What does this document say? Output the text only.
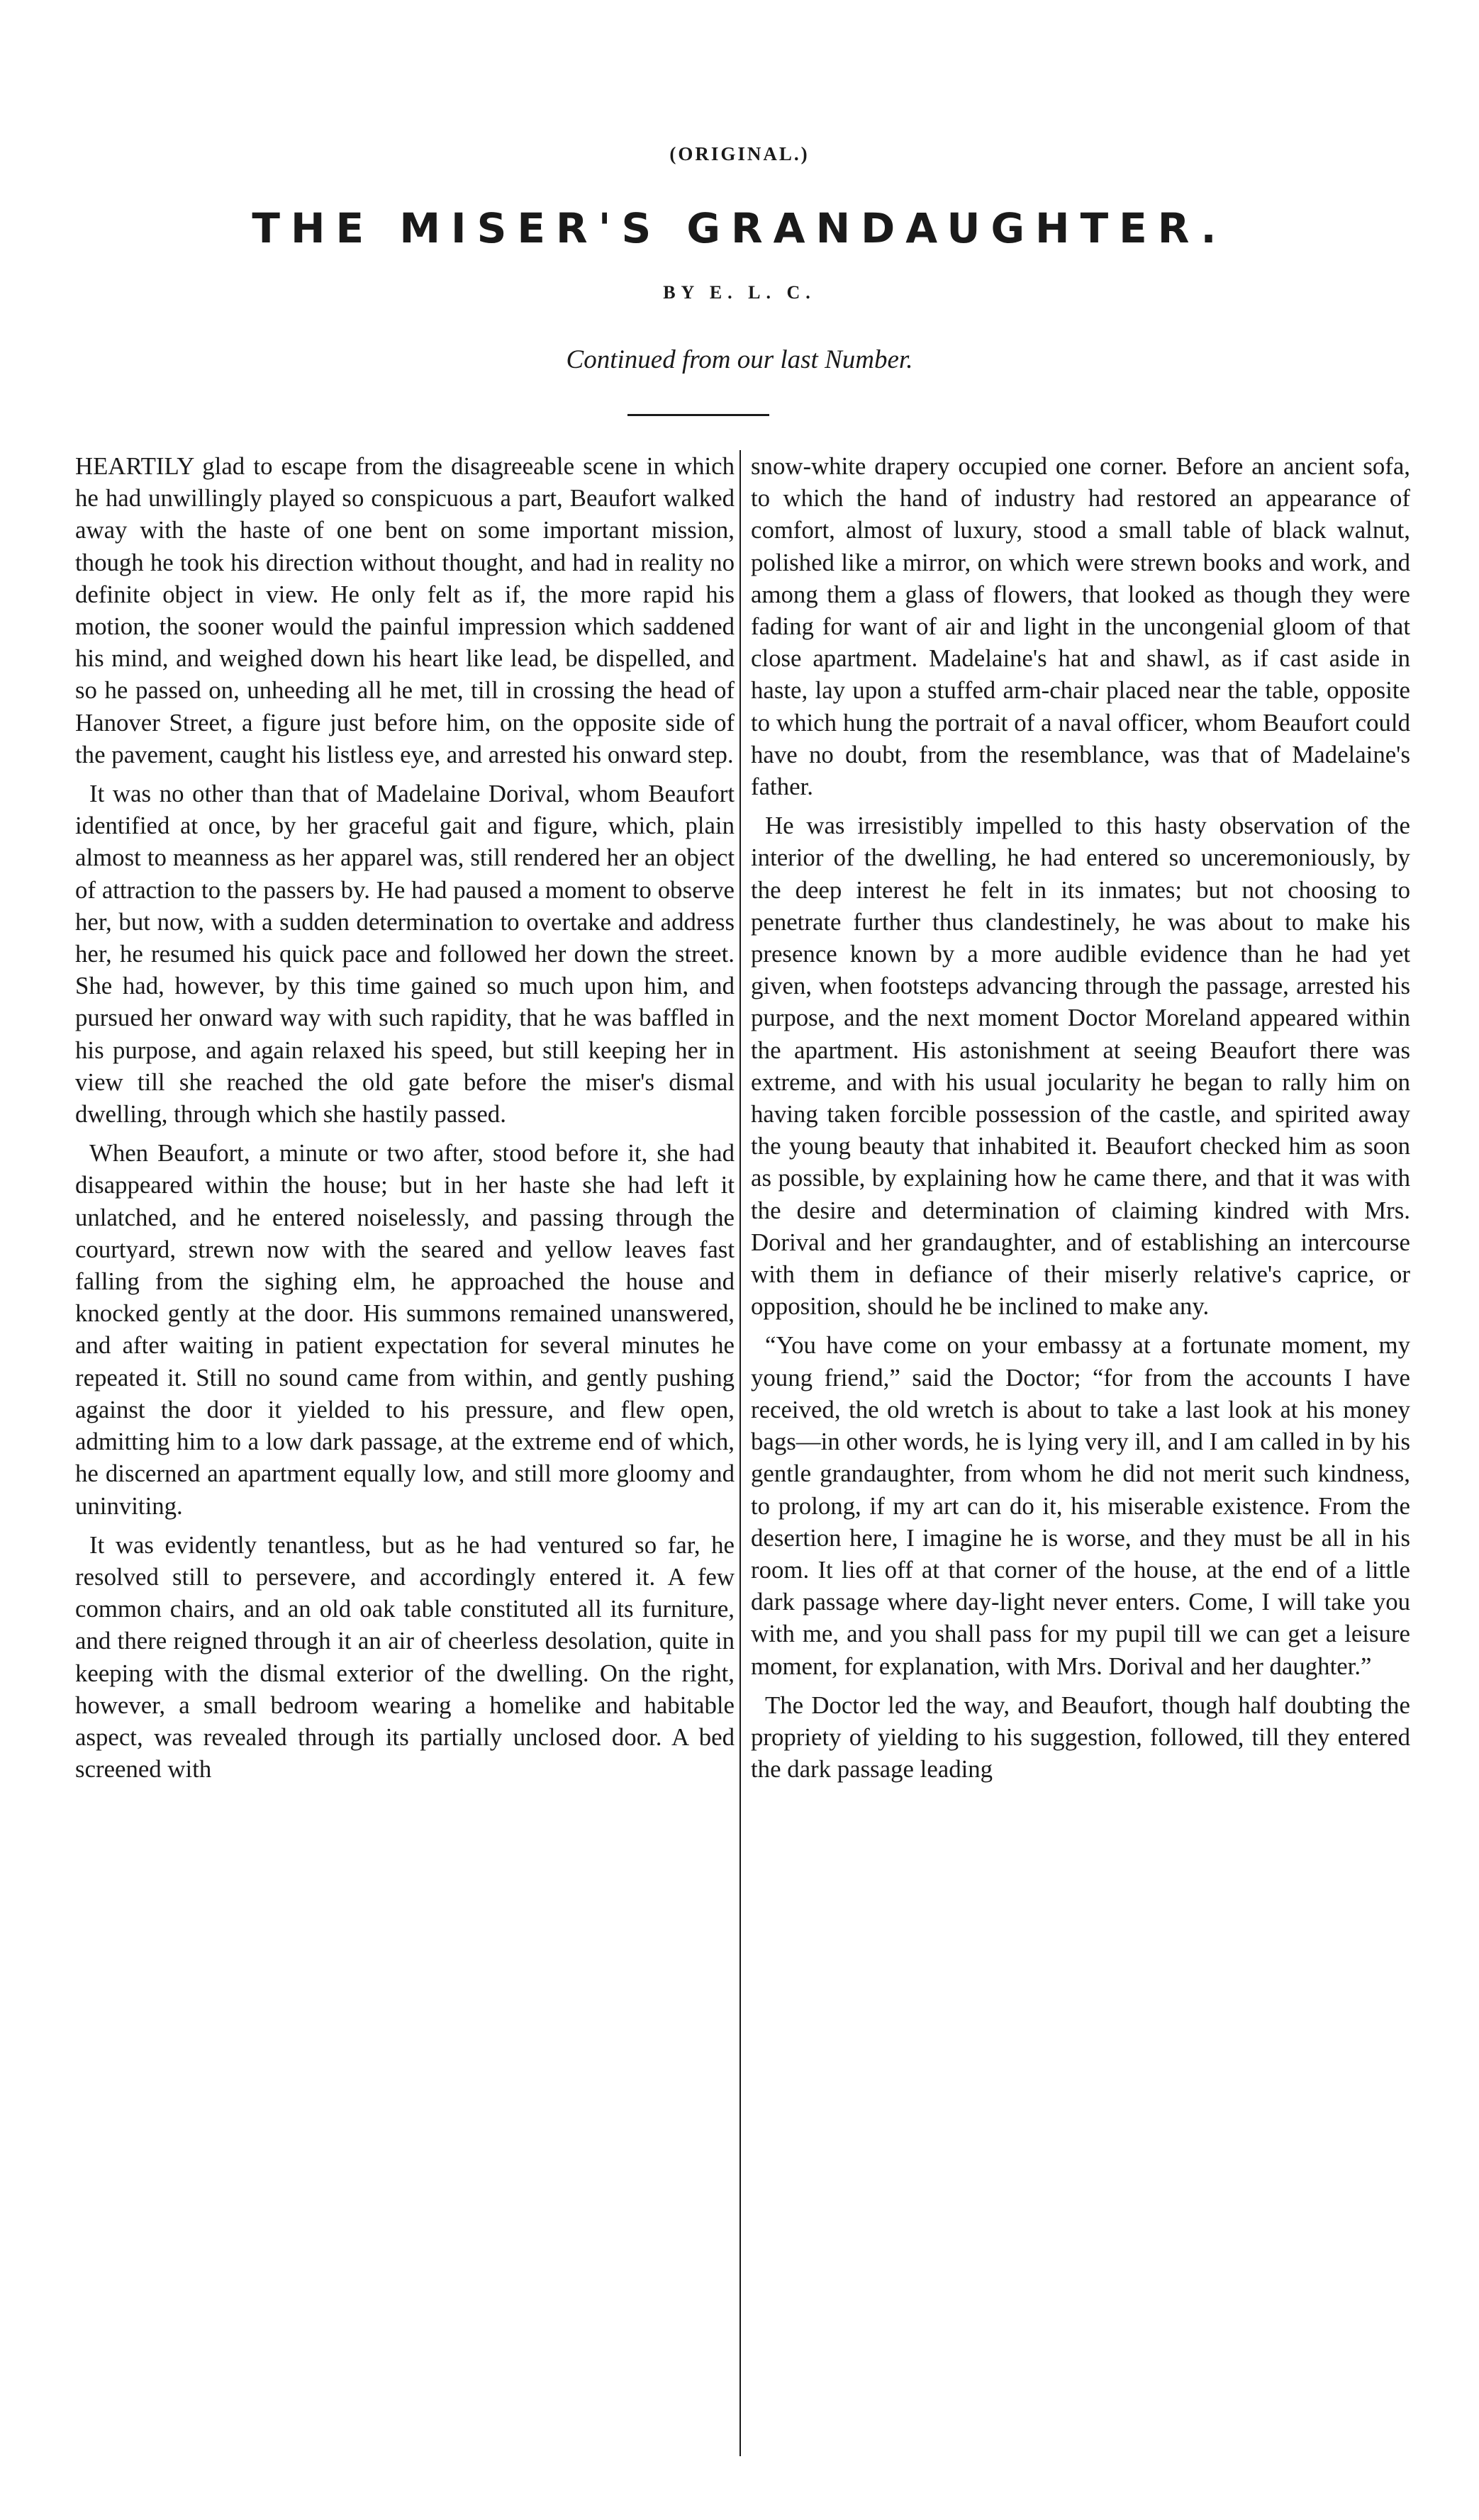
(ORIGINAL.)
THE MISER'S GRANDAUGHTER.
BY E. L. C.
Continued from our last Number.

HEARTILY glad to escape from the disagreeable scene in which he had unwillingly played so conspicuous a part, Beaufort walked away with the haste of one bent on some important mission, though he took his direction without thought, and had in reality no definite object in view. He only felt as if, the more rapid his motion, the sooner would the painful impression which saddened his mind, and weighed down his heart like lead, be dispelled, and so he passed on, unheeding all he met, till in crossing the head of Hanover Street, a figure just before him, on the opposite side of the pavement, caught his listless eye, and arrested his onward step.

It was no other than that of Madelaine Dorival, whom Beaufort identified at once, by her graceful gait and figure, which, plain almost to meanness as her apparel was, still rendered her an object of attraction to the passers by. He had paused a moment to observe her, but now, with a sudden determination to overtake and address her, he resumed his quick pace and followed her down the street. She had, however, by this time gained so much upon him, and pursued her onward way with such rapidity, that he was baffled in his purpose, and again relaxed his speed, but still keeping her in view till she reached the old gate before the miser's dismal dwelling, through which she hastily passed.

When Beaufort, a minute or two after, stood before it, she had disappeared within the house; but in her haste she had left it unlatched, and he entered noiselessly, and passing through the courtyard, strewn now with the seared and yellow leaves fast falling from the sighing elm, he approached the house and knocked gently at the door. His summons remained unanswered, and after waiting in patient expectation for several minutes he repeated it. Still no sound came from within, and gently pushing against the door it yielded to his pressure, and flew open, admitting him to a low dark passage, at the extreme end of which, he discerned an apartment equally low, and still more gloomy and uninviting.

It was evidently tenantless, but as he had ventured so far, he resolved still to persevere, and accordingly entered it. A few common chairs, and an old oak table constituted all its furniture, and there reigned through it an air of cheerless desolation, quite in keeping with the dismal exterior of the dwelling. On the right, however, a small bedroom wearing a homelike and habitable aspect, was revealed through its partially unclosed door. A bed screened with

snow-white drapery occupied one corner. Before an ancient sofa, to which the hand of industry had restored an appearance of comfort, almost of luxury, stood a small table of black walnut, polished like a mirror, on which were strewn books and work, and among them a glass of flowers, that looked as though they were fading for want of air and light in the uncongenial gloom of that close apartment. Madelaine's hat and shawl, as if cast aside in haste, lay upon a stuffed arm-chair placed near the table, opposite to which hung the portrait of a naval officer, whom Beaufort could have no doubt, from the resemblance, was that of Madelaine's father.

He was irresistibly impelled to this hasty observation of the interior of the dwelling, he had entered so unceremoniously, by the deep interest he felt in its inmates; but not choosing to penetrate further thus clandestinely, he was about to make his presence known by a more audible evidence than he had yet given, when footsteps advancing through the passage, arrested his purpose, and the next moment Doctor Moreland appeared within the apartment. His astonishment at seeing Beaufort there was extreme, and with his usual jocularity he began to rally him on having taken forcible possession of the castle, and spirited away the young beauty that inhabited it. Beaufort checked him as soon as possible, by explaining how he came there, and that it was with the desire and determination of claiming kindred with Mrs. Dorival and her grandaughter, and of establishing an intercourse with them in defiance of their miserly relative's caprice, or opposition, should he be inclined to make any.

“You have come on your embassy at a fortunate moment, my young friend,” said the Doctor; “for from the accounts I have received, the old wretch is about to take a last look at his money bags—in other words, he is lying very ill, and I am called in by his gentle grandaughter, from whom he did not merit such kindness, to prolong, if my art can do it, his miserable existence. From the desertion here, I imagine he is worse, and they must be all in his room. It lies off at that corner of the house, at the end of a little dark passage where day-light never enters. Come, I will take you with me, and you shall pass for my pupil till we can get a leisure moment, for explanation, with Mrs. Dorival and her daughter.”

The Doctor led the way, and Beaufort, though half doubting the propriety of yielding to his suggestion, followed, till they entered the dark passage leading
